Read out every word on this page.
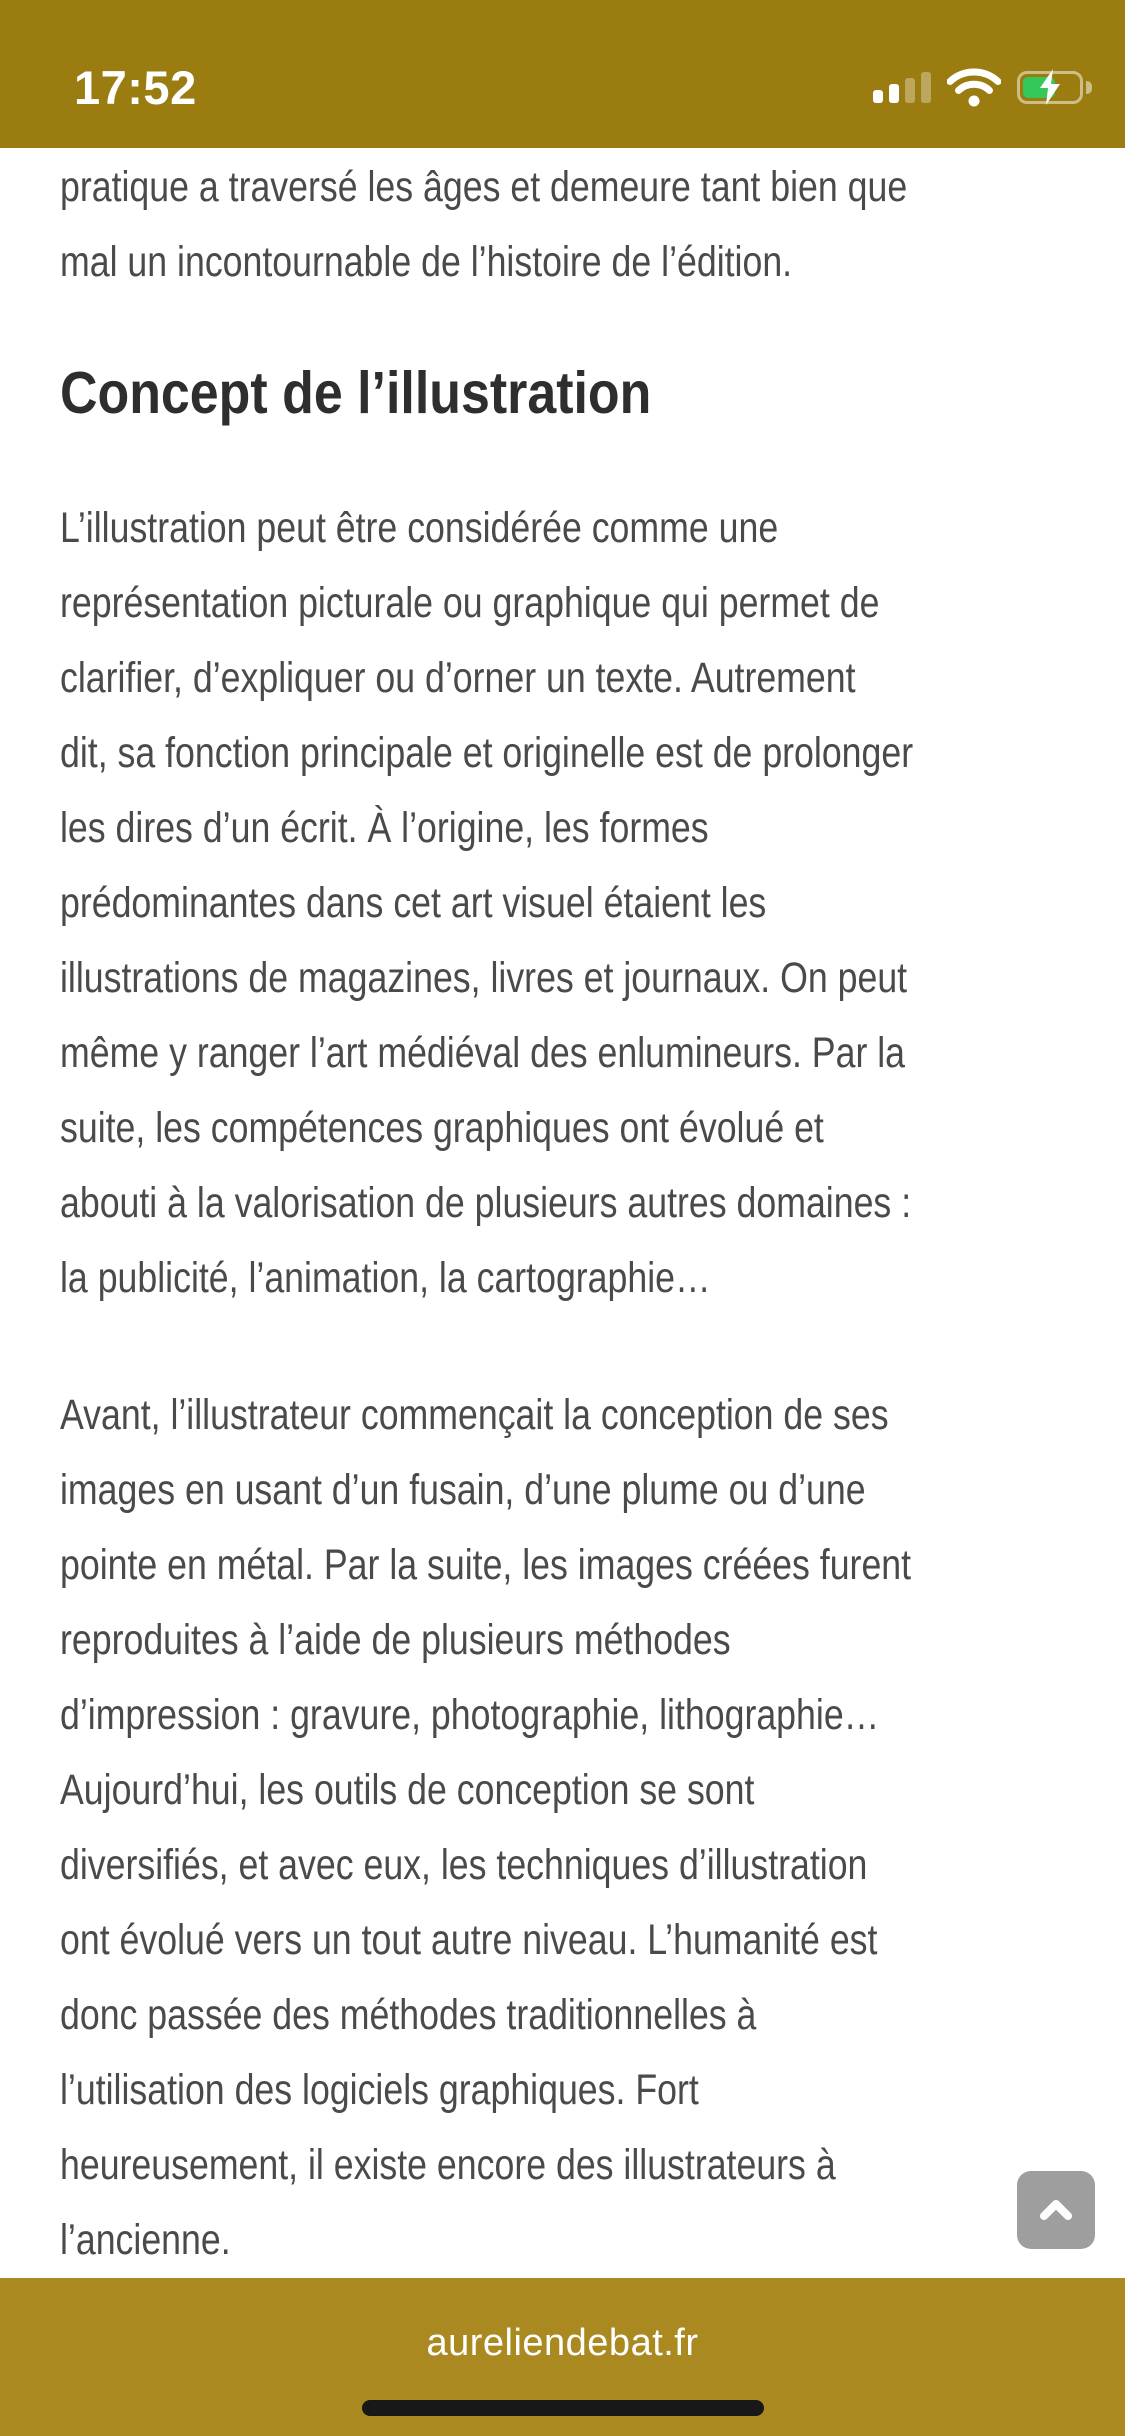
17:52
pratique a traversé les âges et demeure tant bien que
mal un incontournable de l’histoire de l’édition.
Concept de l’illustration
L’illustration peut être considérée comme une
représentation picturale ou graphique qui permet de
clarifier, d’expliquer ou d’orner un texte. Autrement
dit, sa fonction principale et originelle est de prolonger
les dires d’un écrit. À l’origine, les formes
prédominantes dans cet art visuel étaient les
illustrations de magazines, livres et journaux. On peut
même y ranger l’art médiéval des enlumineurs. Par la
suite, les compétences graphiques ont évolué et
abouti à la valorisation de plusieurs autres domaines :
la publicité, l’animation, la cartographie…
Avant, l’illustrateur commençait la conception de ses
images en usant d’un fusain, d’une plume ou d’une
pointe en métal. Par la suite, les images créées furent
reproduites à l’aide de plusieurs méthodes
d’impression : gravure, photographie, lithographie…
Aujourd’hui, les outils de conception se sont
diversifiés, et avec eux, les techniques d’illustration
ont évolué vers un tout autre niveau. L’humanité est
donc passée des méthodes traditionnelles à
l’utilisation des logiciels graphiques. Fort
heureusement, il existe encore des illustrateurs à
l’ancienne.
aureliendebat.fr
